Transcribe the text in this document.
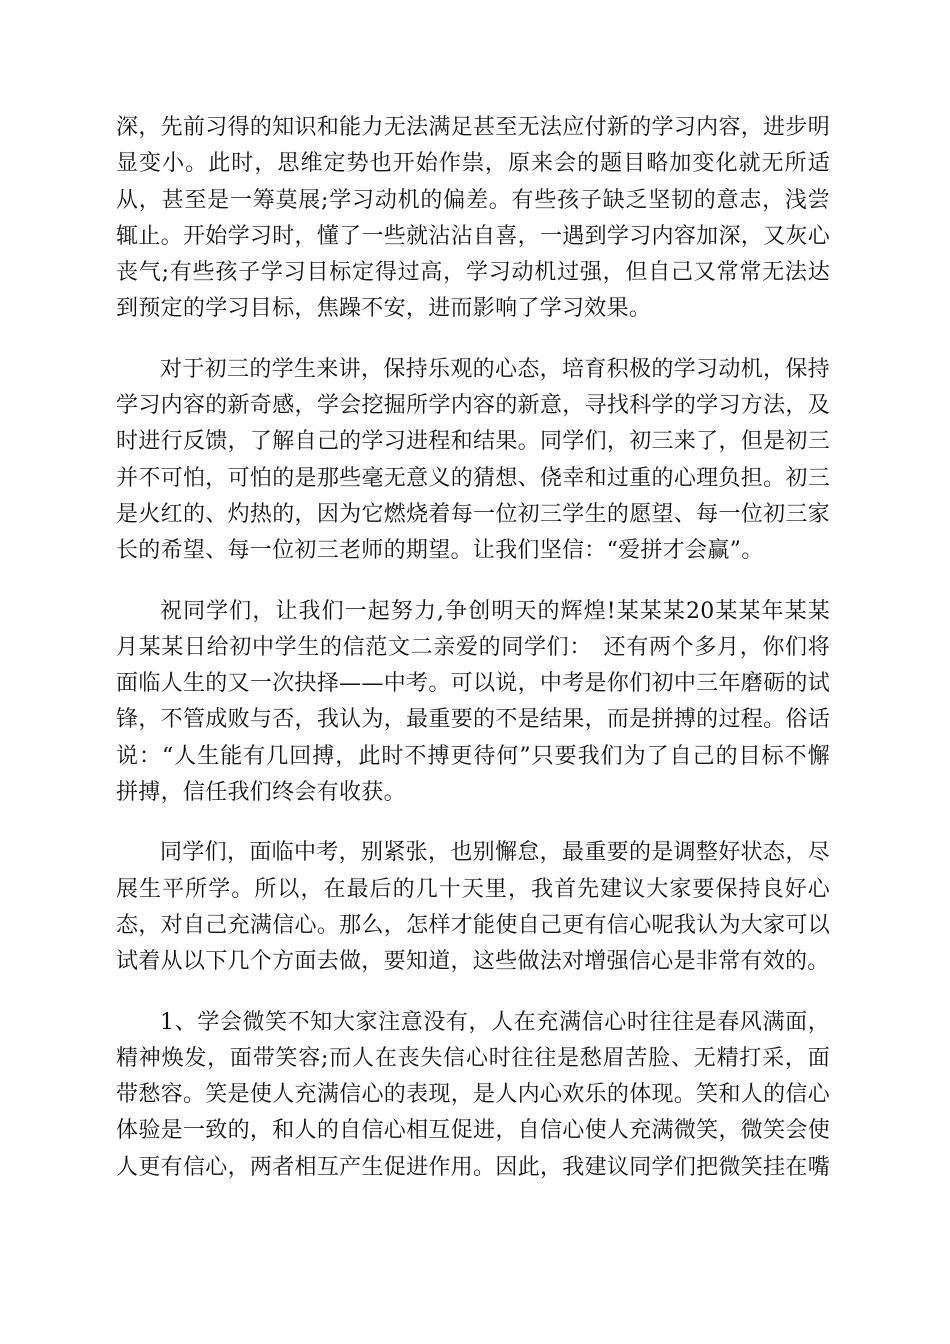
深，先前习得的知识和能力无法满足甚至无法应付新的学习内容，进步明
显变小。此时，思维定势也开始作祟，原来会的题目略加变化就无所适
从，甚至是一筹莫展;学习动机的偏差。有些孩子缺乏坚韧的意志，浅尝
辄止。开始学习时，懂了一些就沾沾自喜，一遇到学习内容加深，又灰心
丧气;有些孩子学习目标定得过高，学习动机过强，但自己又常常无法达
到预定的学习目标，焦躁不安，进而影响了学习效果。
对于初三的学生来讲，保持乐观的心态，培育积极的学习动机，保持
学习内容的新奇感，学会挖掘所学内容的新意，寻找科学的学习方法，及
时进行反馈，了解自己的学习进程和结果。同学们，初三来了，但是初三
并不可怕，可怕的是那些毫无意义的猜想、侥幸和过重的心理负担。初三
是火红的、灼热的，因为它燃烧着每一位初三学生的愿望、每一位初三家
长的希望、每一位初三老师的期望。让我们坚信：“爱拼才会赢”。
祝同学们，让我们一起努力,争创明天的辉煌!某某某20某某年某某
月某某日给初中学生的信范文二亲爱的同学们：　还有两个多月，你们将
面临人生的又一次抉择——中考。可以说，中考是你们初中三年磨砺的试
锋，不管成败与否，我认为，最重要的不是结果，而是拼搏的过程。俗话
说：“人生能有几回搏，此时不搏更待何”只要我们为了自己的目标不懈
拼搏，信任我们终会有收获。
同学们，面临中考，别紧张，也别懈怠，最重要的是调整好状态，尽
展生平所学。所以，在最后的几十天里，我首先建议大家要保持良好心
态，对自己充满信心。那么，怎样才能使自己更有信心呢我认为大家可以
试着从以下几个方面去做，要知道，这些做法对增强信心是非常有效的。
1、学会微笑不知大家注意没有，人在充满信心时往往是春风满面，
精神焕发，面带笑容;而人在丧失信心时往往是愁眉苦脸、无精打采，面
带愁容。笑是使人充满信心的表现，是人内心欢乐的体现。笑和人的信心
体验是一致的，和人的自信心相互促进，自信心使人充满微笑，微笑会使
人更有信心，两者相互产生促进作用。因此，我建议同学们把微笑挂在嘴
